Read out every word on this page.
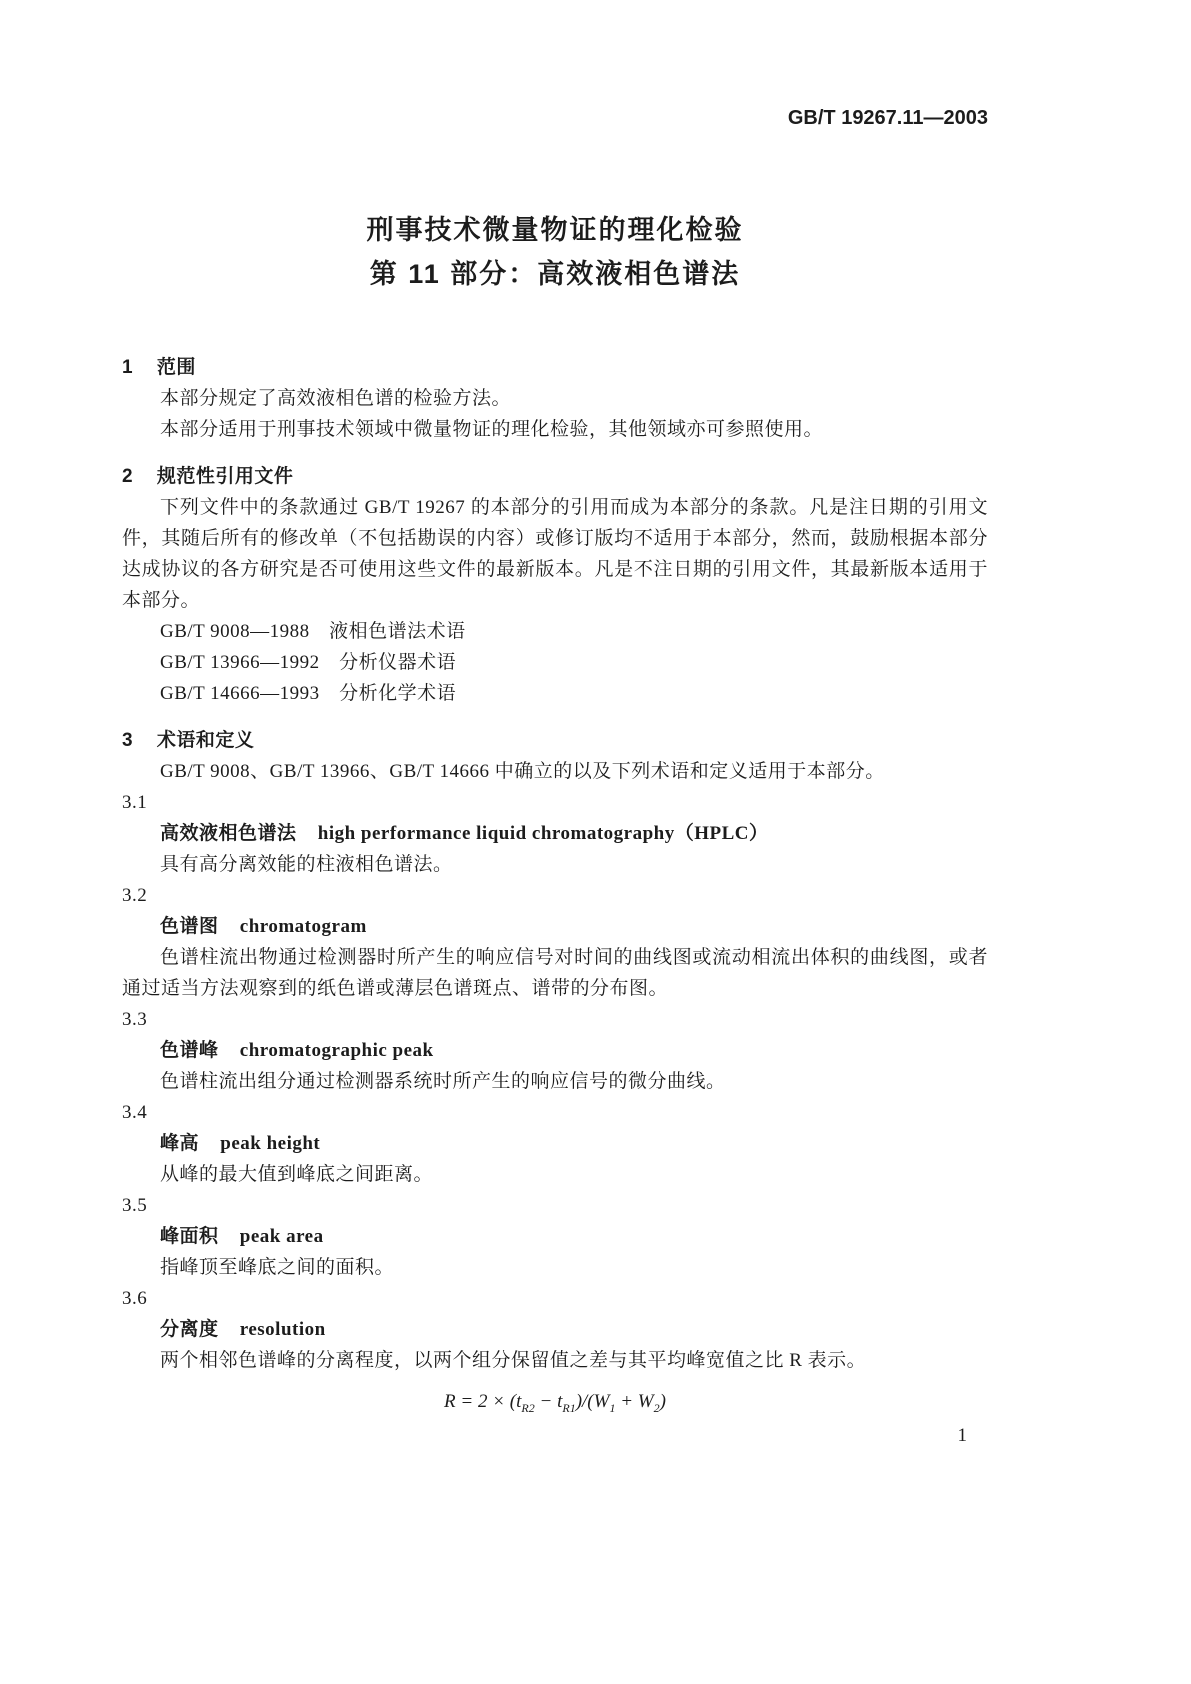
GB/T 19267.11—2003
刑事技术微量物证的理化检验
第 11 部分：高效液相色谱法
1 范围

本部分规定了高效液相色谱的检验方法。

本部分适用于刑事技术领域中微量物证的理化检验，其他领域亦可参照使用。

2 规范性引用文件

下列文件中的条款通过 GB/T 19267 的本部分的引用而成为本部分的条款。凡是注日期的引用文件，其随后所有的修改单（不包括勘误的内容）或修订版均不适用于本部分，然而，鼓励根据本部分达成协议的各方研究是否可使用这些文件的最新版本。凡是不注日期的引用文件，其最新版本适用于本部分。

GB/T 9008—1988　液相色谱法术语
GB/T 13966—1992　分析仪器术语
GB/T 14666—1993　分析化学术语
3 术语和定义

GB/T 9008、GB/T 13966、GB/T 14666 中确立的以及下列术语和定义适用于本部分。

3.1
高效液相色谱法 high performance liquid chromatography（HPLC）

具有高分离效能的柱液相色谱法。

3.2
色谱图 chromatogram

色谱柱流出物通过检测器时所产生的响应信号对时间的曲线图或流动相流出体积的曲线图，或者通过适当方法观察到的纸色谱或薄层色谱斑点、谱带的分布图。

3.3
色谱峰 chromatographic peak

色谱柱流出组分通过检测器系统时所产生的响应信号的微分曲线。

3.4
峰高 peak height

从峰的最大值到峰底之间距离。

3.5
峰面积 peak area

指峰顶至峰底之间的面积。

3.6
分离度 resolution

两个相邻色谱峰的分离程度，以两个组分保留值之差与其平均峰宽值之比 R 表示。

$R = 2 \times (t_{R2} - t_{R1})/(W_1 + W_2)$
1
